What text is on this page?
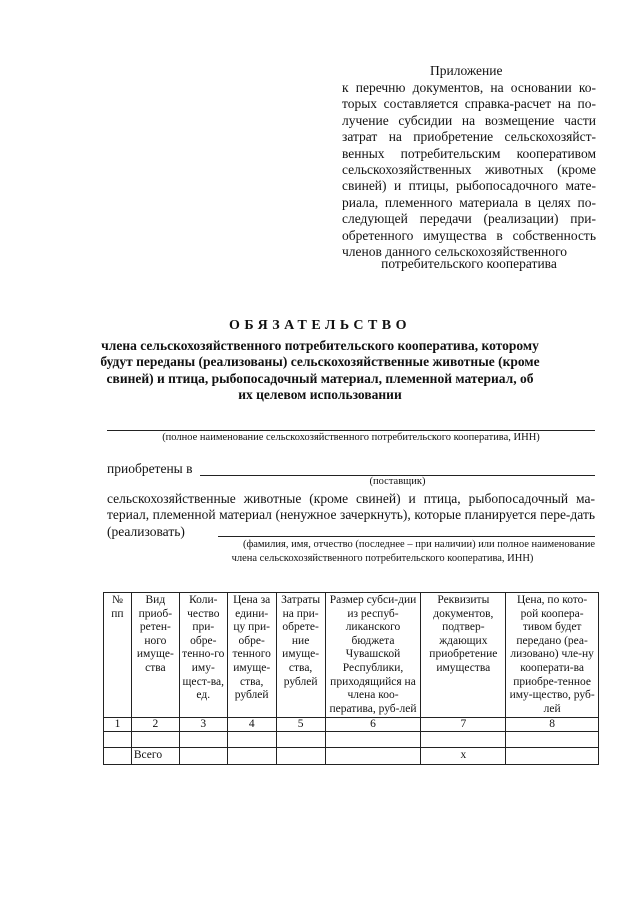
Приложение
к перечню документов, на основании ко-торых составляется справка-расчет на по-лучение субсидии на возмещение части затрат на приобретение сельскохозяйст-венных потребительским кооперативом сельскохозяйственных животных (кроме свиней) и птицы, рыбопосадочного мате-риала, племенного материала в целях по-следующей передачи (реализации) при-обретенного имущества в собственность членов данного сельскохозяйственного
потребительского кооператива
ОБЯЗАТЕЛЬСТВО
члена сельскохозяйственного потребительского кооператива, которому будут переданы (реализованы) сельскохозяйственные животные (кроме свиней) и птица, рыбопосадочный материал, племенной материал, об их целевом использовании
(полное наименование сельскохозяйственного потребительского кооператива, ИНН)
приобретены в
(поставщик)
сельскохозяйственные животные (кроме свиней) и птица, рыбопосадочный ма-териал, племенной материал (ненужное зачеркнуть), которые планируется пере-дать (реализовать)
(фамилия, имя, отчество (последнее – при наличии) или полное наименование
члена сельскохозяйственного потребительского кооператива, ИНН)
№ пп	Вид приоб-ретен-ного имуще-ства	Коли-чество при-обре-тенно-го иму-щест-ва, ед.	Цена за едини-цу при-обре-тенного имуще-ства, рублей	Затраты на при-обрете-ние имуще-ства, рублей	Размер субси-дии из респуб-ликанского бюджета Чувашской Республики, приходящийся на члена коо-ператива, руб-лей	Реквизиты документов, подтвер-ждающих приобретение имущества	Цена, по кото-рой коопера-тивом будет передано (реа-лизовано) чле-ну кооперати-ва приобре-тенное иму-щество, руб-лей
1	2	3	4	5	6	7	8

	Всего					х	
